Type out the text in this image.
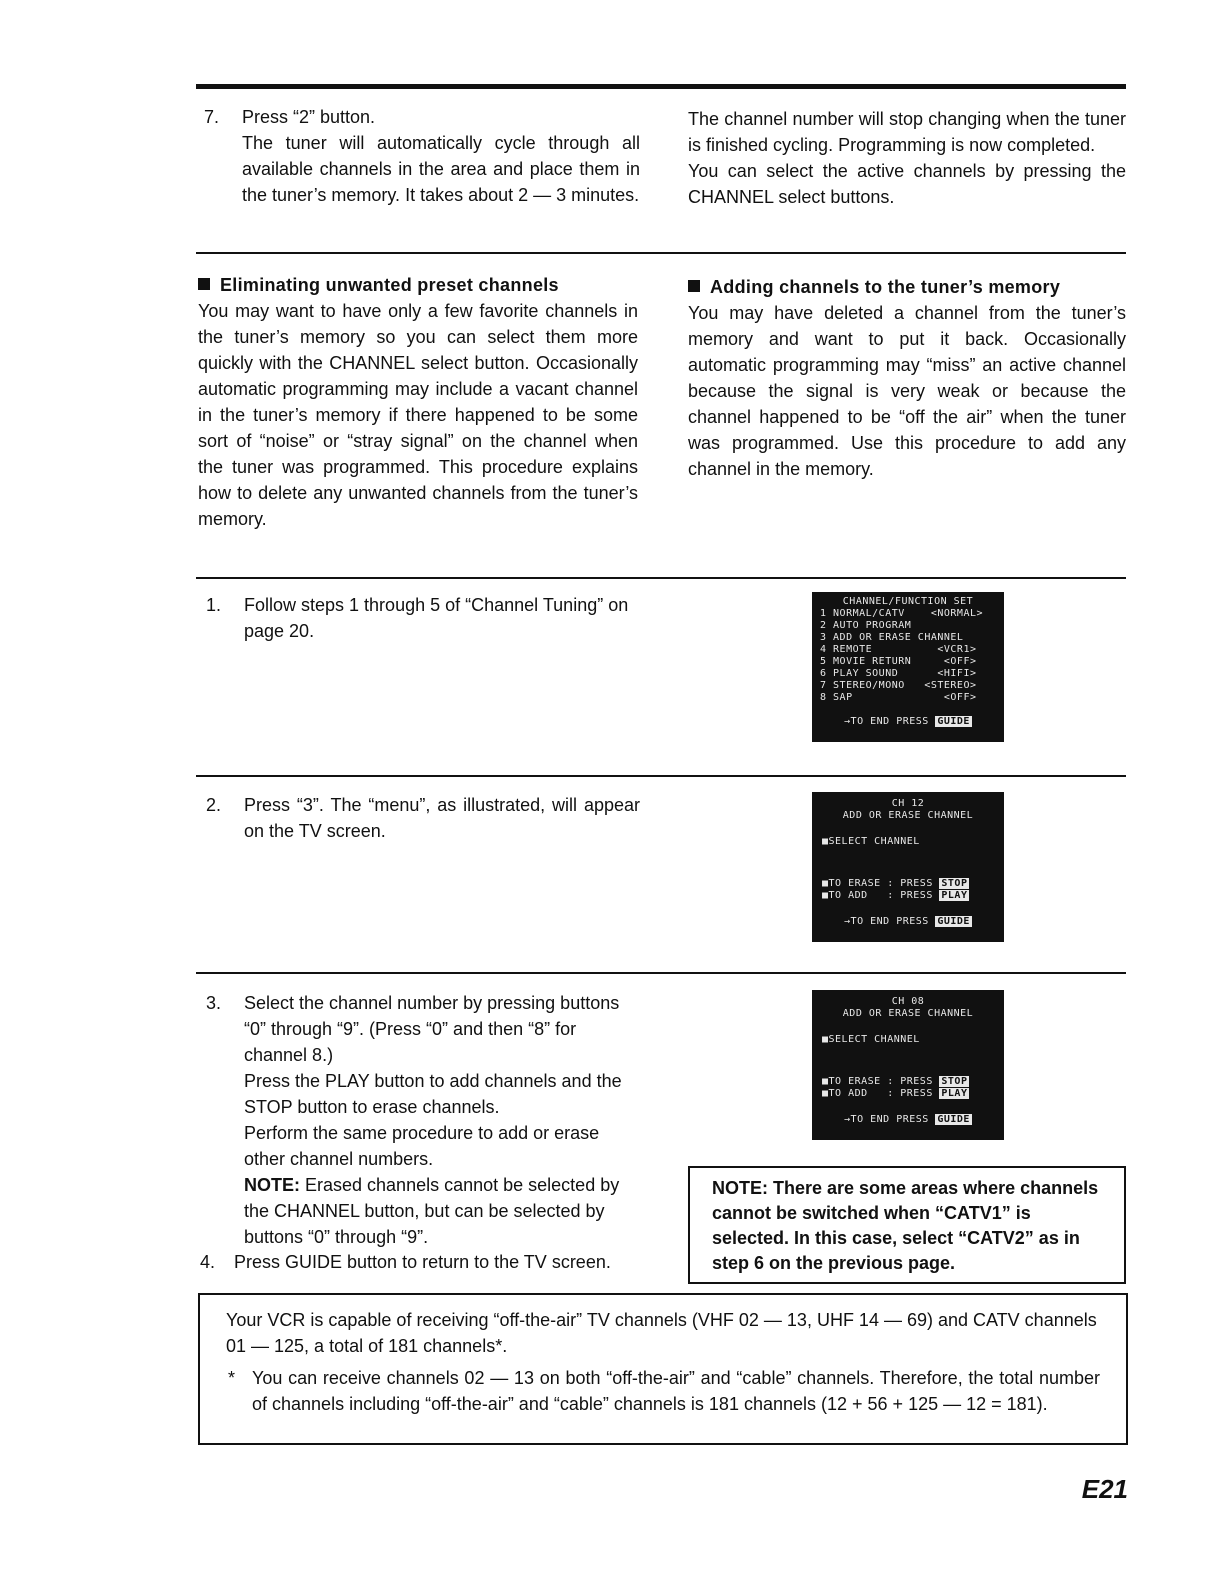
7. Press “2” button.

The tuner will automatically cycle through all available channels in the area and place them in the tuner’s memory. It takes about 2 — 3 minutes.

The channel number will stop changing when the tuner is finished cycling. Programming is now completed.

You can select the active channels by pressing the CHANNEL select buttons.

Eliminating unwanted preset channels

You may want to have only a few favorite channels in the tuner’s memory so you can select them more quickly with the CHANNEL select button. Occasionally automatic programming may include a vacant channel in the tuner’s memory if there happened to be some sort of “noise” or “stray signal” on the channel when the tuner was programmed. This procedure explains how to delete any unwanted channels from the tuner’s memory.

Adding channels to the tuner’s memory

You may have deleted a channel from the tuner’s memory and want to put it back. Occasionally automatic programming may “miss” an active channel because the signal is very weak or because the channel happened to be “off the air” when the tuner was programmed. Use this procedure to add any channel in the memory.

1. Follow steps 1 through 5 of “Channel Tuning” on page 20.

CHANNEL/FUNCTION SET
1 NORMAL/CATV    <NORMAL>
2 AUTO PROGRAM
3 ADD OR ERASE CHANNEL
4 REMOTE          <VCR1>
5 MOVIE RETURN     <OFF>
6 PLAY SOUND      <HIFI>
7 STEREO/MONO   <STEREO>
8 SAP              <OFF>
→TO END PRESS GUIDE
2. Press “3”. The “menu”, as illustrated, will appear on the TV screen.

CH 12
ADD OR ERASE CHANNEL
■SELECT CHANNEL
■TO ERASE : PRESS STOP
■TO ADD   : PRESS PLAY
→TO END PRESS GUIDE
3. Select the channel number by pressing buttons “0” through “9”. (Press “0” and then “8” for channel 8.)

Press the PLAY button to add channels and the STOP button to erase channels.

Perform the same procedure to add or erase other channel numbers.

NOTE: Erased channels cannot be selected by the CHANNEL button, but can be selected by buttons “0” through “9”.

4. Press GUIDE button to return to the TV screen.

CH 08
ADD OR ERASE CHANNEL
■SELECT CHANNEL
■TO ERASE : PRESS STOP
■TO ADD   : PRESS PLAY
→TO END PRESS GUIDE
NOTE: There are some areas where channels cannot be switched when “CATV1” is selected. In this case, select “CATV2” as in step 6 on the previous page.

Your VCR is capable of receiving “off-the-air” TV channels (VHF 02 — 13, UHF 14 — 69) and CATV channels 01 — 125, a total of 181 channels*.

* You can receive channels 02 — 13 on both “off-the-air” and “cable” channels. Therefore, the total number of channels including “off-the-air” and “cable” channels is 181 channels (12 + 56 + 125 — 12 = 181).

E21
